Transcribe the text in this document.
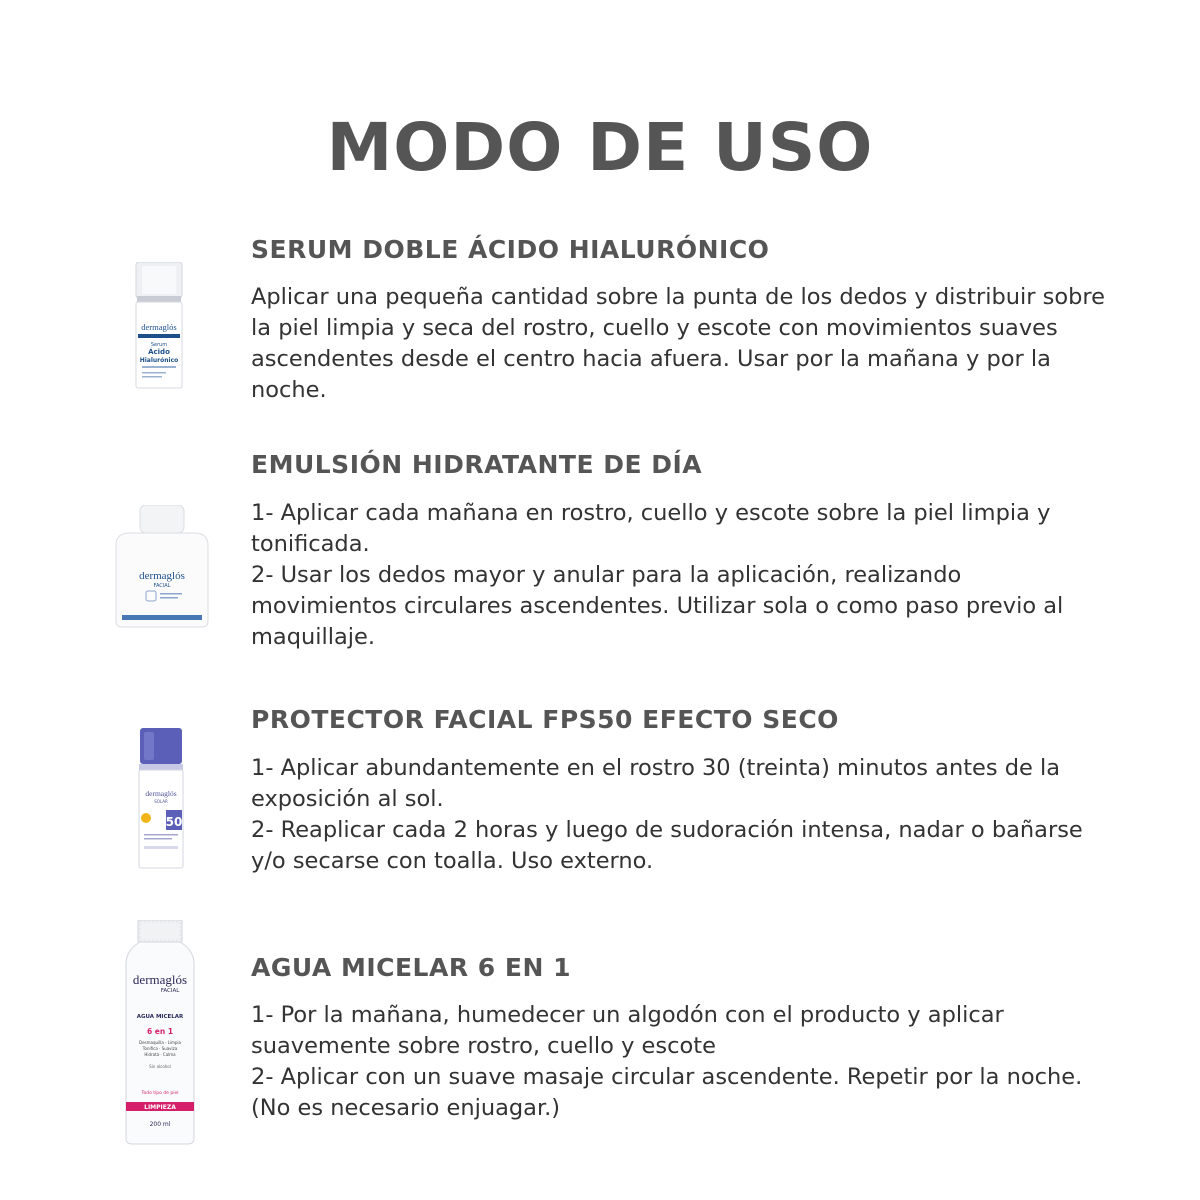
MODO DE USO
dermaglós
Serum
Ácido
Hialurónico
SERUM DOBLE ÁCIDO HIALURÓNICO

Aplicar una pequeña cantidad sobre la punta de los dedos y distribuir sobre la piel limpia y seca del rostro, cuello y escote con movimientos suaves ascendentes desde el centro hacia afuera. Usar por la mañana y por la noche.

dermaglós
FACIAL
EMULSIÓN HIDRATANTE DE DÍA

1- Aplicar cada mañana en rostro, cuello y escote sobre la piel limpia y tonificada.

2- Usar los dedos mayor y anular para la aplicación, realizando movimientos circulares ascendentes. Utilizar sola o como paso previo al maquillaje.

dermaglós
SOLAR
50
PROTECTOR FACIAL FPS50 EFECTO SECO

1- Aplicar abundantemente en el rostro 30 (treinta) minutos antes de la exposición al sol.

2- Reaplicar cada 2 horas y luego de sudoración intensa, nadar o bañarse y/o secarse con toalla. Uso externo.

dermaglós
FACIAL
AGUA MICELAR
6 en 1
Desmaquilla · Limpia
Tonifica · Suaviza
Hidrata · Calma
Sin alcohol
Todo tipo de piel
LIMPIEZA
200 ml
AGUA MICELAR 6 EN 1

1- Por la mañana, humedecer un algodón con el producto y aplicar suavemente sobre rostro, cuello y escote

2- Aplicar con un suave masaje circular ascendente. Repetir por la noche. (No es necesario enjuagar.)
